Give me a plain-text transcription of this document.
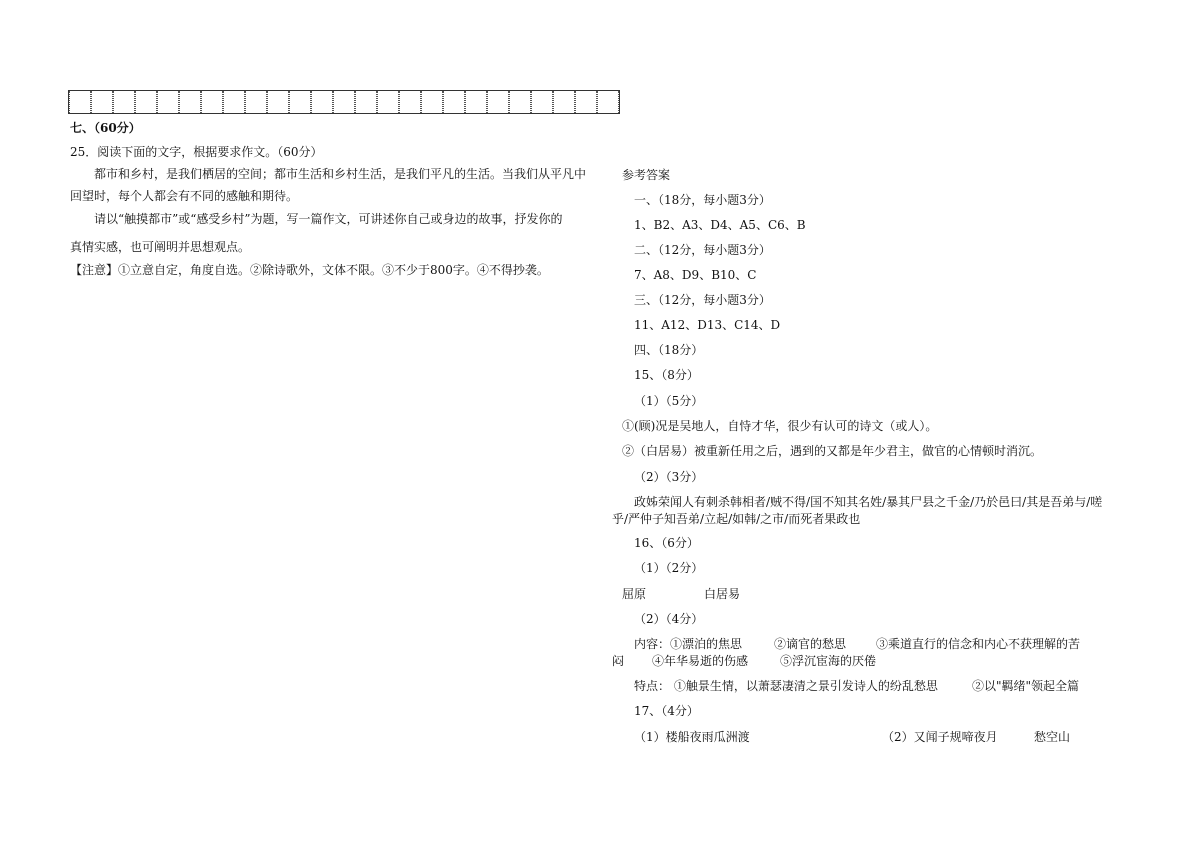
七、（60分）
25．阅读下面的文字，根据要求作文。（60分）
都市和乡村，是我们栖居的空间；都市生活和乡村生活，是我们平凡的生活。当我们从平凡中
回望时，每个人都会有不同的感触和期待。
请以“触摸都市”或“感受乡村”为题，写一篇作文，可讲述你自己或身边的故事，抒发你的
真情实感，也可阐明并思想观点。
【注意】①立意自定，角度自选。②除诗歌外，文体不限。③不少于800字。④不得抄袭。
参考答案
一、（18分，每小题3分）
1、B2、A3、D4、A5、C6、B
二、（12分，每小题3分）
7、A8、D9、B10、C
三、（12分，每小题3分）
11、A12、D13、C14、D
四、（18分）
15、（8分）
（1）（5分）
①(顾)况是吴地人，自恃才华，很少有认可的诗文（或人）。
②（白居易）被重新任用之后，遇到的又都是年少君主，做官的心情顿时消沉。
（2）（3分）
政姊荣闻人有刺杀韩相者/贼不得/国不知其名姓/暴其尸县之千金/乃於邑曰/其是吾弟与/嗟
乎/严仲子知吾弟/立起/如韩/之市/而死者果政也
16、（6分）
（1）（2分）
屈原	白居易
（2）（4分）
内容：①漂泊的焦思	②谪官的愁思 ③乘道直行的信念和内心不获理解的苦
闷 ④年华易逝的伤感	⑤浮沉宦海的厌倦
特点： ①触景生情，以萧瑟凄清之景引发诗人的纷乱愁思	②以"羁绪"领起全篇
17、（4分）
（1）楼船夜雨瓜洲渡	（2）又闻子规啼夜月	愁空山
